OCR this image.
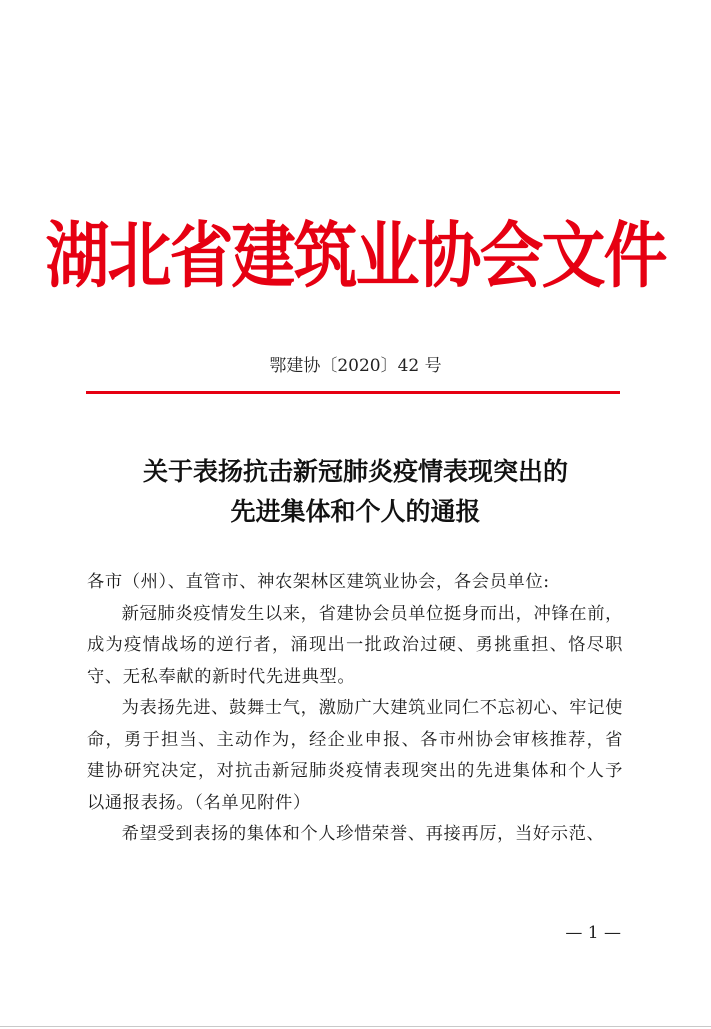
湖北省建筑业协会文件
鄂建协〔2020〕42 号
关于表扬抗击新冠肺炎疫情表现突出的
先进集体和个人的通报

各市（州）、直管市、神农架林区建筑业协会，各会员单位:

新冠肺炎疫情发生以来，省建协会员单位挺身而出，冲锋在前，成为疫情战场的逆行者，涌现出一批政治过硬、勇挑重担、恪尽职守、无私奉献的新时代先进典型。

为表扬先进、鼓舞士气，激励广大建筑业同仁不忘初心、牢记使命，勇于担当、主动作为，经企业申报、各市州协会审核推荐，省建协研究决定，对抗击新冠肺炎疫情表现突出的先进集体和个人予以通报表扬。（名单见附件）

希望受到表扬的集体和个人珍惜荣誉、再接再厉，当好示范、

— 1 —
